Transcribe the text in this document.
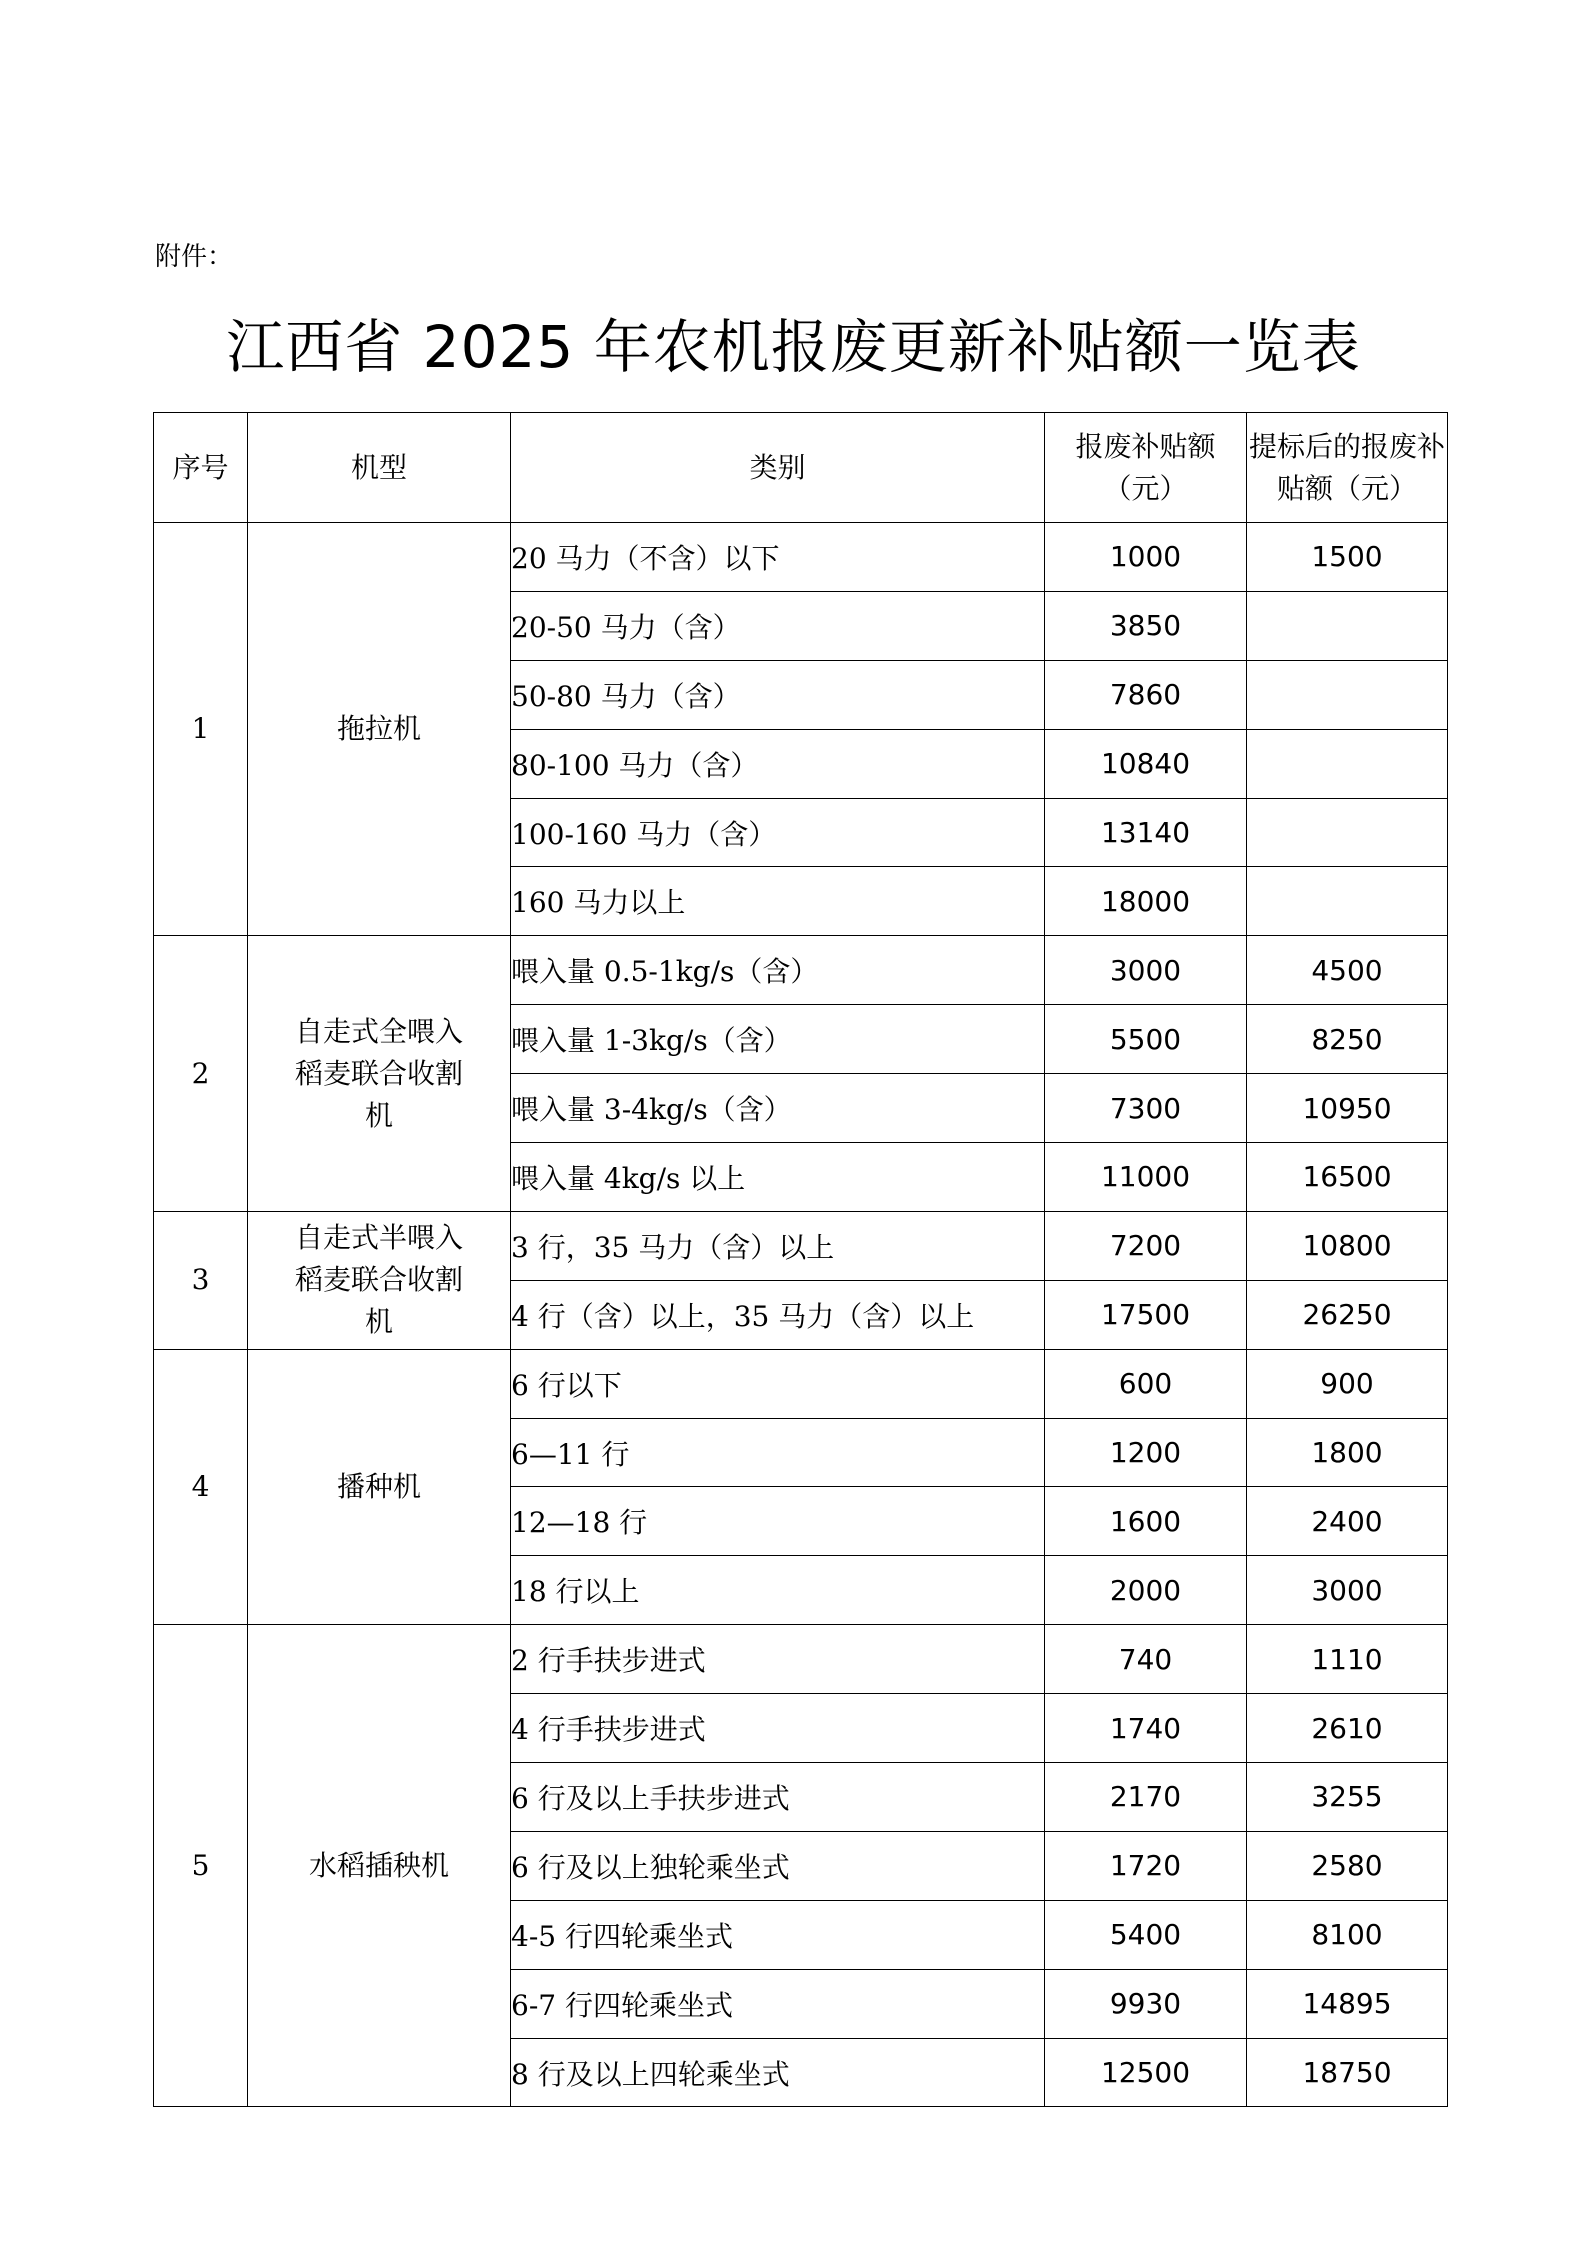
附件：
江西省 2025 年农机报废更新补贴额一览表
序号	机型	类别	报废补贴额（元）	提标后的报废补贴额（元）
1	拖拉机	20 马力（不含）以下	1000	1500
		20-50 马力（含）	3850	
		50-80 马力（含）	7860	
		80-100 马力（含）	10840	
		100-160 马力（含）	13140	
		160 马力以上	18000	
2	自走式全喂入稻麦联合收割机	喂入量 0.5-1kg/s（含）	3000	4500
		喂入量 1-3kg/s（含）	5500	8250
		喂入量 3-4kg/s（含）	7300	10950
		喂入量 4kg/s 以上	11000	16500
3	自走式半喂入稻麦联合收割机	3 行，35 马力（含）以上	7200	10800
		4 行（含）以上，35 马力（含）以上	17500	26250
4	播种机	6 行以下	600	900
		6—11 行	1200	1800
		12—18 行	1600	2400
		18 行以上	2000	3000
5	水稻插秧机	2 行手扶步进式	740	1110
		4 行手扶步进式	1740	2610
		6 行及以上手扶步进式	2170	3255
		6 行及以上独轮乘坐式	1720	2580
		4-5 行四轮乘坐式	5400	8100
		6-7 行四轮乘坐式	9930	14895
		8 行及以上四轮乘坐式	12500	18750
